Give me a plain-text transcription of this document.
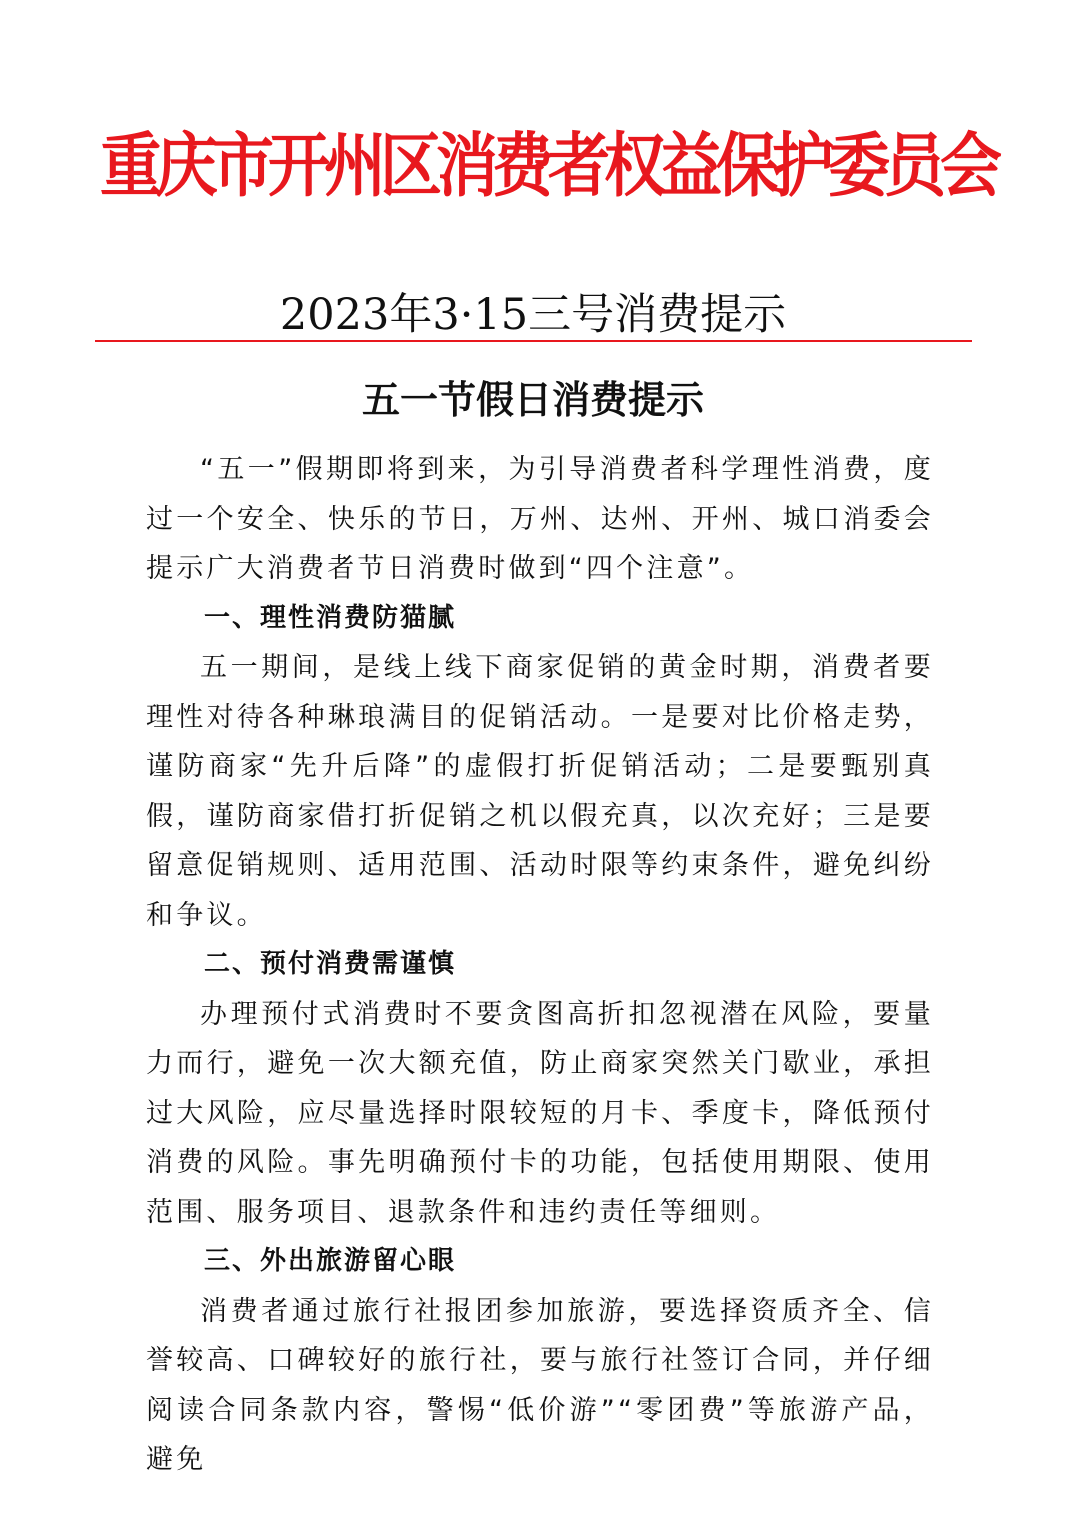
重庆市开州区消费者权益保护委员会
2023年3·15三号消费提示
五一节假日消费提示

“五一”假期即将到来，为引导消费者科学理性消费，度过一个安全、快乐的节日，万州、达州、开州、城口消委会提示广大消费者节日消费时做到“四个注意”。

一、理性消费防猫腻

五一期间，是线上线下商家促销的黄金时期，消费者要理性对待各种琳琅满目的促销活动。一是要对比价格走势，谨防商家“先升后降”的虚假打折促销活动；二是要甄别真假，谨防商家借打折促销之机以假充真，以次充好；三是要留意促销规则、适用范围、活动时限等约束条件，避免纠纷和争议。

二、预付消费需谨慎

办理预付式消费时不要贪图高折扣忽视潜在风险，要量力而行，避免一次大额充值，防止商家突然关门歇业，承担过大风险，应尽量选择时限较短的月卡、季度卡，降低预付消费的风险。事先明确预付卡的功能，包括使用期限、使用范围、服务项目、退款条件和违约责任等细则。

三、外出旅游留心眼

消费者通过旅行社报团参加旅游，要选择资质齐全、信誉较高、口碑较好的旅行社，要与旅行社签订合同，并仔细阅读合同条款内容，警惕“低价游”“零团费”等旅游产品，避免
